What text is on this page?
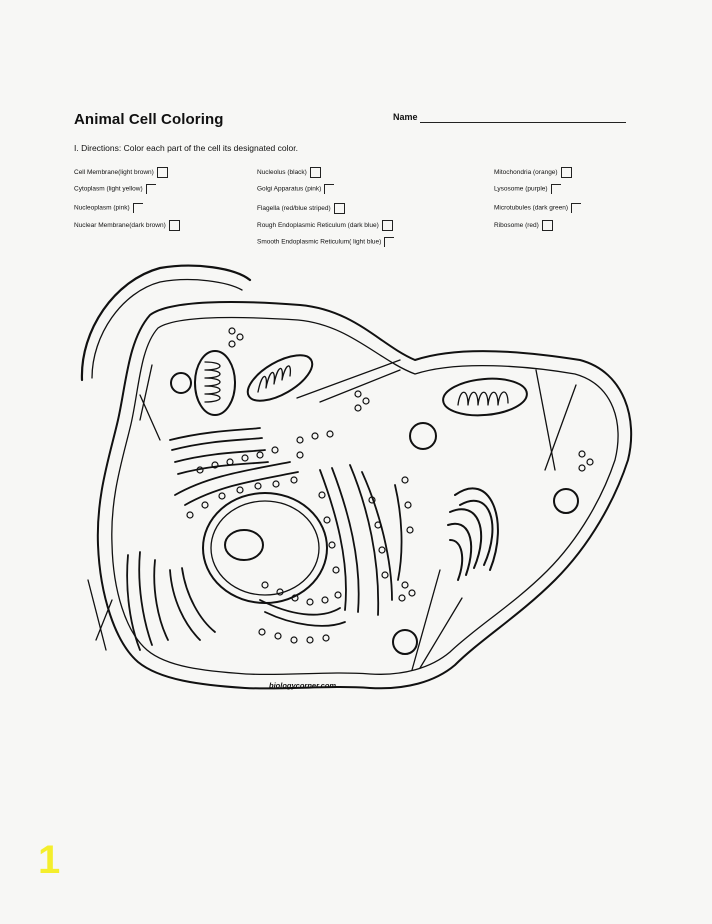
Animal Cell Coloring	Name
I. Directions: Color each part of the cell its designated color.
Cell Membrane(light brown)
Cytoplasm (light yellow)
Nucleoplasm (pink)
Nuclear Membrane(dark brown)
Nucleolus (black)
Golgi Apparatus (pink)
Flagella (red/blue striped)
Rough Endoplasmic Reticulum (dark blue)
Smooth Endoplasmic Reticulum( light blue)
Mitochondria (orange)
Lysosome (purple)
Microtubules (dark green)
Ribosome (red)
biologycorner.com
1
